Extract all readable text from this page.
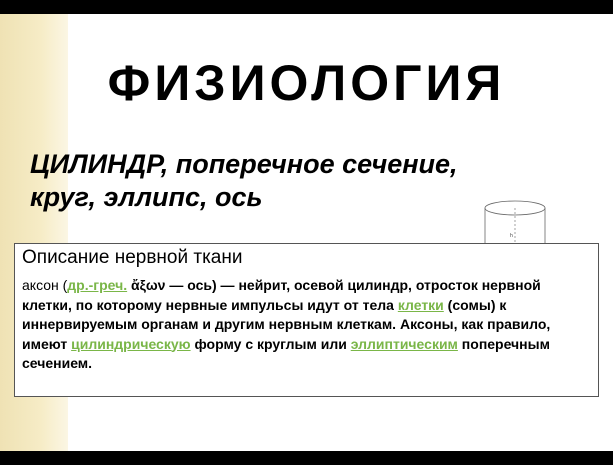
ФИЗИОЛОГИЯ
ЦИЛИНДР, поперечное сечение,
круг, эллипс, ось
h
Описание нервной ткани
аксон (др.-греч. ἄξων — ось) — нейрит, осевой цилиндр, отросток нервной клетки, по которому нервные импульсы идут от тела клетки (сомы) к иннервируемым органам и другим нервным клеткам. Аксоны, как правило, имеют цилиндрическую форму с круглым или эллиптическим поперечным сечением.
